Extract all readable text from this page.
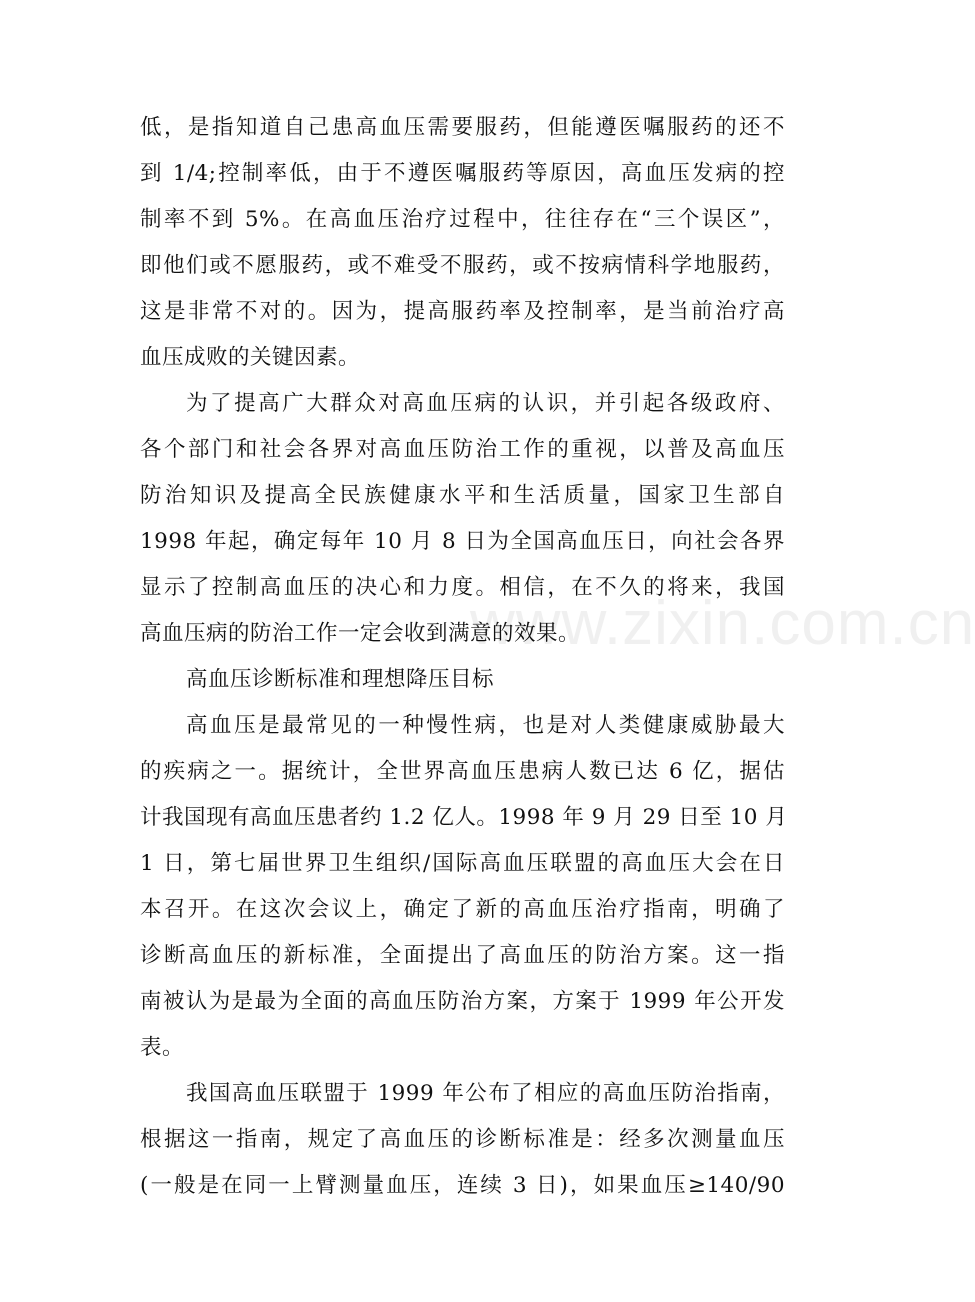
www.zixin.com.cn
低，是指知道自己患高血压需要服药，但能遵医嘱服药的还不
到 1/4;控制率低，由于不遵医嘱服药等原因，高血压发病的控
制率不到 5%。在高血压治疗过程中，往往存在“三个误区”，
即他们或不愿服药，或不难受不服药，或不按病情科学地服药，
这是非常不对的。因为，提高服药率及控制率，是当前治疗高
血压成败的关键因素。
为了提高广大群众对高血压病的认识，并引起各级政府、
各个部门和社会各界对高血压防治工作的重视，以普及高血压
防治知识及提高全民族健康水平和生活质量，国家卫生部自
1998 年起，确定每年 10 月 8 日为全国高血压日，向社会各界
显示了控制高血压的决心和力度。相信，在不久的将来，我国
高血压病的防治工作一定会收到满意的效果。
高血压诊断标准和理想降压目标
高血压是最常见的一种慢性病，也是对人类健康威胁最大
的疾病之一。据统计，全世界高血压患病人数已达 6 亿，据估
计我国现有高血压患者约 1.2 亿人。1998 年 9 月 29 日至 10 月
1 日，第七届世界卫生组织/国际高血压联盟的高血压大会在日
本召开。在这次会议上，确定了新的高血压治疗指南，明确了
诊断高血压的新标准，全面提出了高血压的防治方案。这一指
南被认为是最为全面的高血压防治方案，方案于 1999 年公开发
表。
我国高血压联盟于 1999 年公布了相应的高血压防治指南，
根据这一指南，规定了高血压的诊断标准是：经多次测量血压
(一般是在同一上臂测量血压，连续 3 日)，如果血压≥140/90
